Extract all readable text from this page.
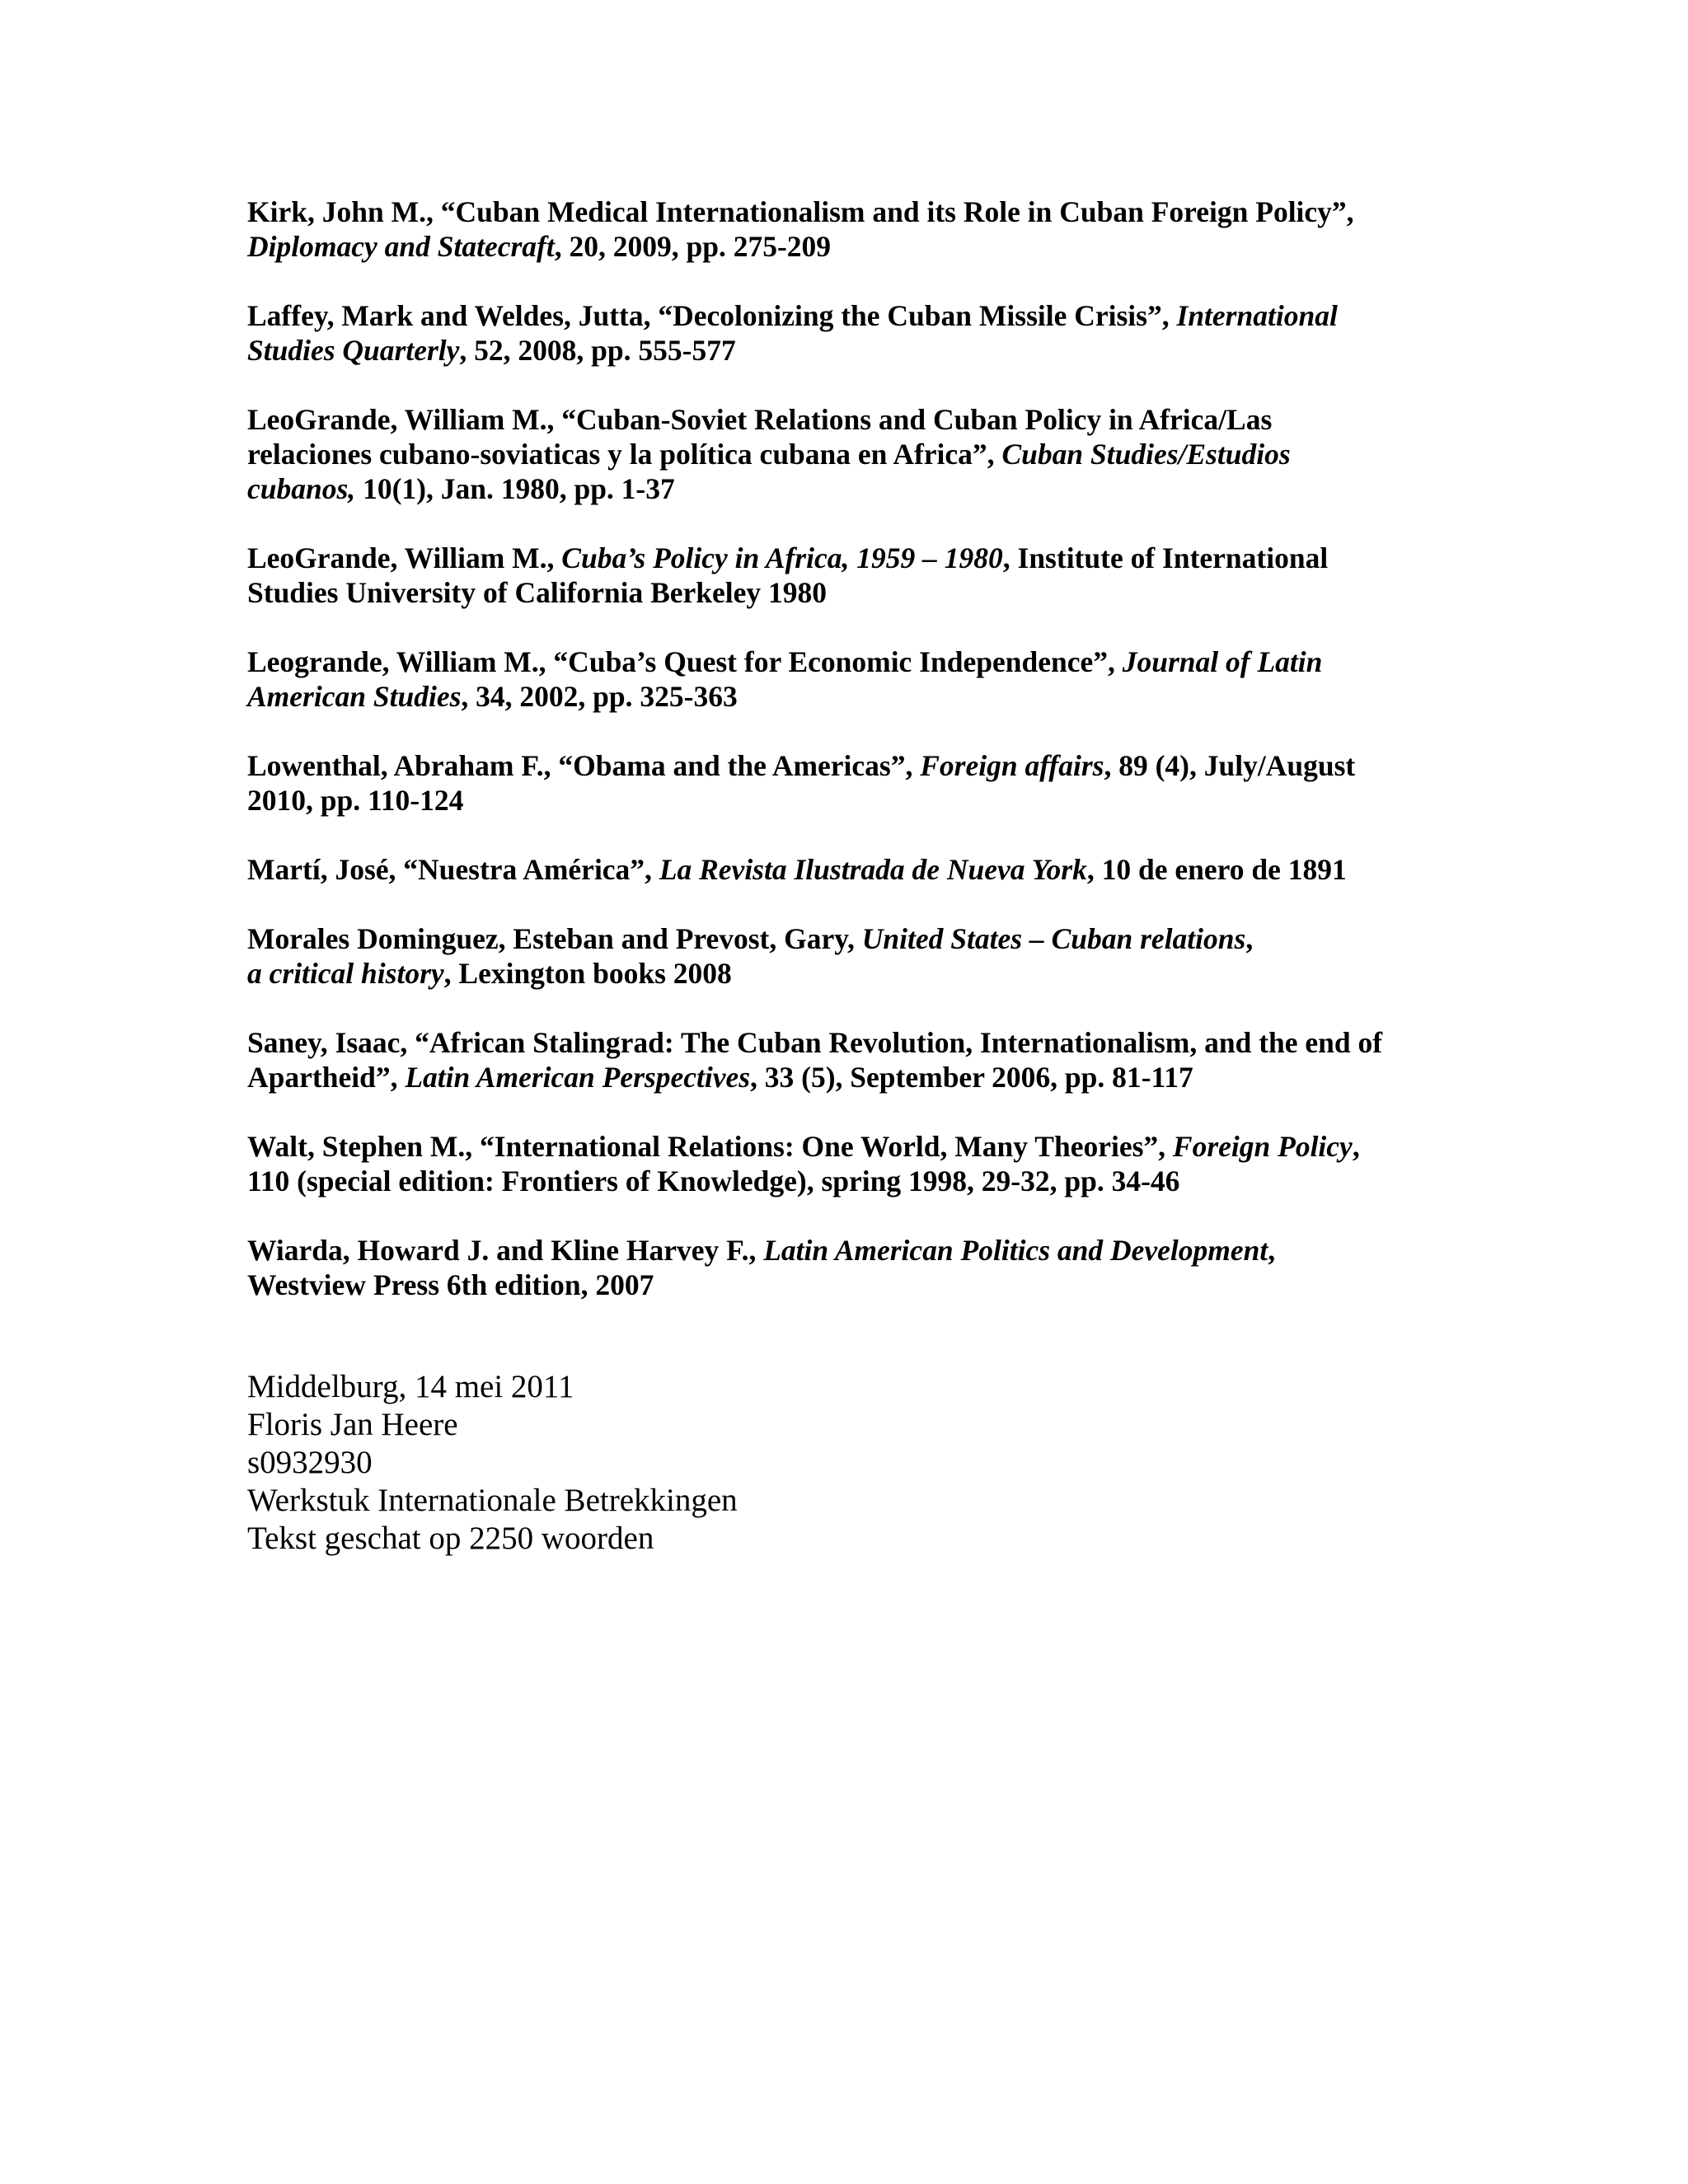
Kirk, John M., “Cuban Medical Internationalism and its Role in Cuban Foreign Policy”,
Diplomacy and Statecraft, 20, 2009, pp. 275-209
Laffey, Mark and Weldes, Jutta, “Decolonizing the Cuban Missile Crisis”, International
Studies Quarterly, 52, 2008, pp. 555-577
LeoGrande, William M., “Cuban-Soviet Relations and Cuban Policy in Africa/Las
relaciones cubano-soviaticas y la política cubana en Africa”, Cuban Studies/Estudios
cubanos, 10(1), Jan. 1980, pp. 1-37
LeoGrande, William M., Cuba’s Policy in Africa, 1959 – 1980, Institute of International
Studies University of California Berkeley 1980
Leogrande, William M., “Cuba’s Quest for Economic Independence”, Journal of Latin
American Studies, 34, 2002, pp. 325-363
Lowenthal, Abraham F., “Obama and the Americas”, Foreign affairs, 89 (4), July/August
2010, pp. 110-124
Martí, José, “Nuestra América”, La Revista Ilustrada de Nueva York, 10 de enero de 1891
Morales Dominguez, Esteban and Prevost, Gary, United States – Cuban relations,
a critical history, Lexington books 2008
Saney, Isaac, “African Stalingrad: The Cuban Revolution, Internationalism, and the end of
Apartheid”, Latin American Perspectives, 33 (5), September 2006, pp. 81-117
Walt, Stephen M., “International Relations: One World, Many Theories”, Foreign Policy,
110 (special edition: Frontiers of Knowledge), spring 1998, 29-32, pp. 34-46
Wiarda, Howard J. and Kline Harvey F., Latin American Politics and Development,
Westview Press 6th edition, 2007
Middelburg, 14 mei 2011
Floris Jan Heere
s0932930
Werkstuk Internationale Betrekkingen
Tekst geschat op 2250 woorden
